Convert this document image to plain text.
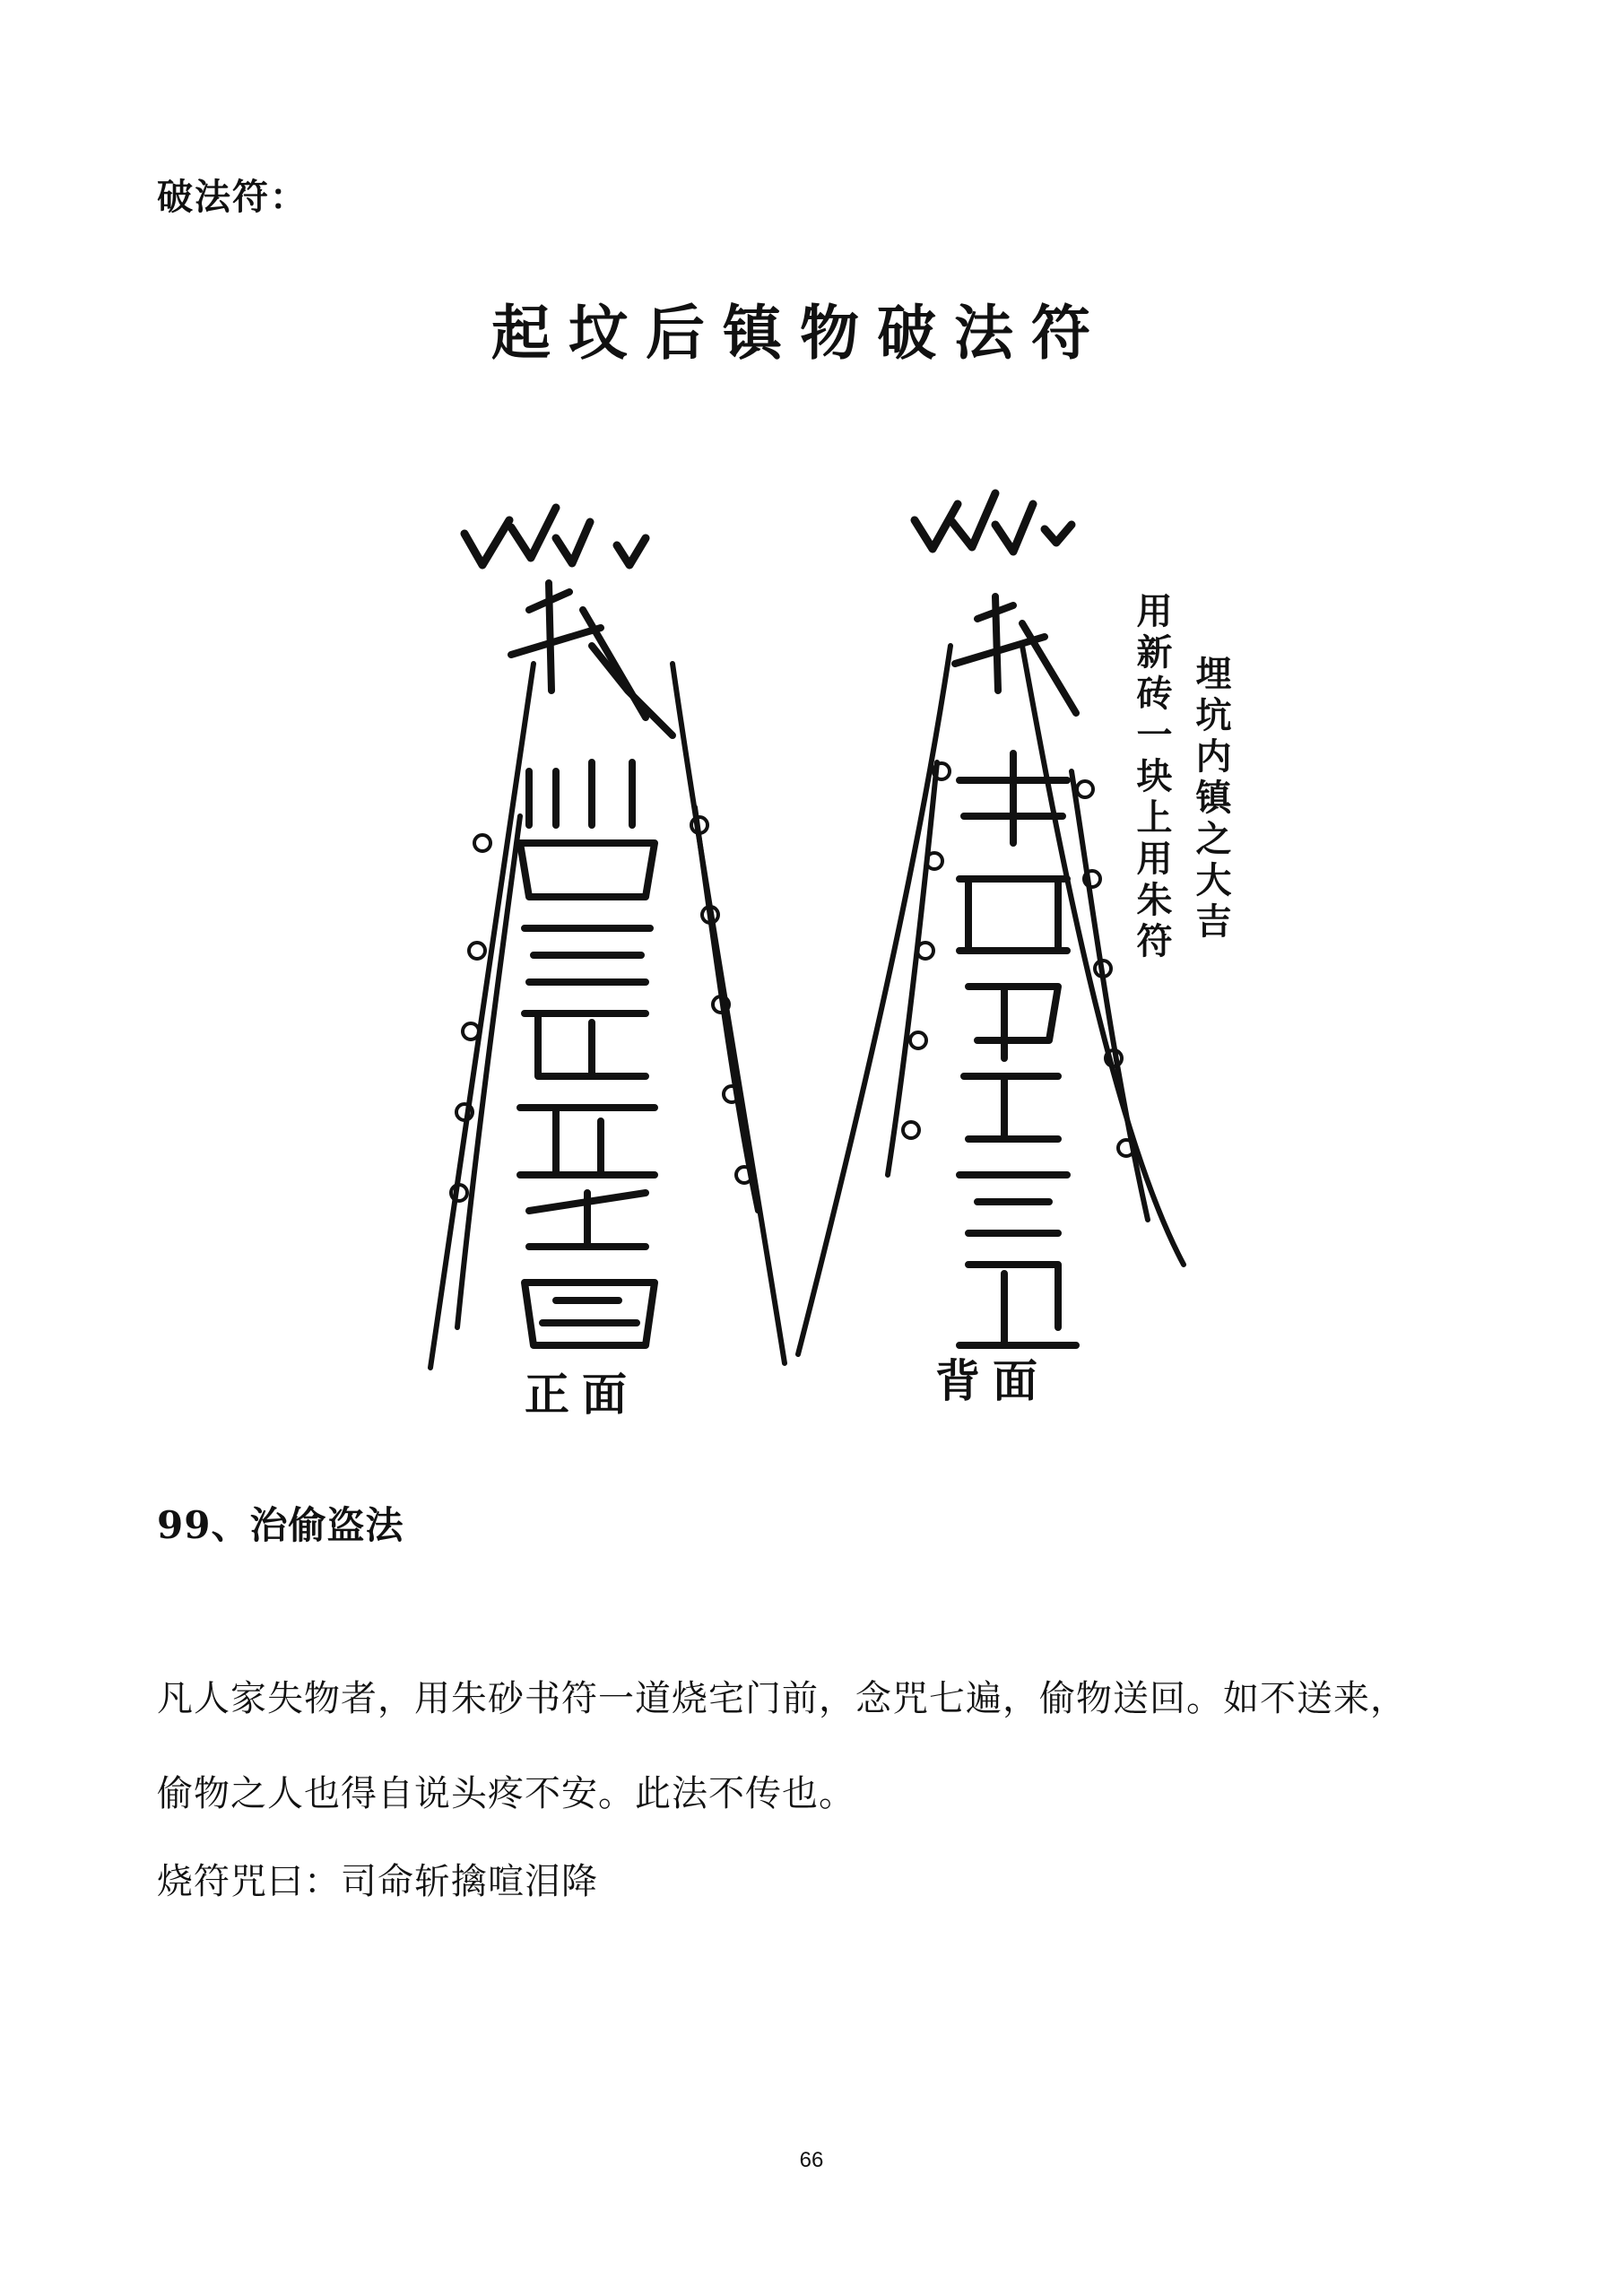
破法符：
起坟后镇物破法符
用新砖一块上用朱符 埋坑内镇之大吉
正面	背面
99、治偷盗法
凡人家失物者，用朱砂书符一道烧宅门前，念咒七遍，偷物送回。如不送来，
偷物之人也得自说头疼不安。此法不传也。
烧符咒曰：司命斩擒喧泪降
66
